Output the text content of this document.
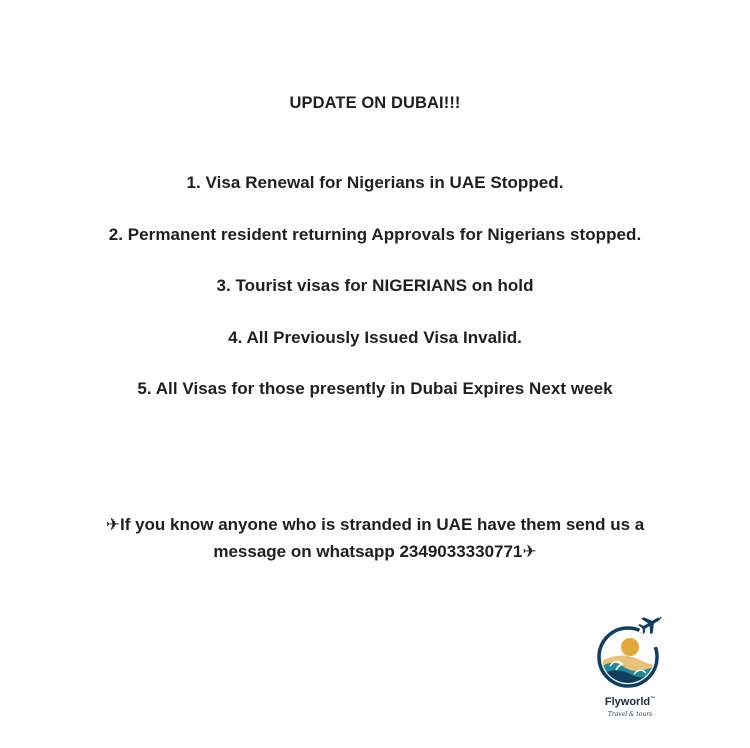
UPDATE ON DUBAI!!!
1. Visa Renewal for Nigerians in UAE Stopped.
2. Permanent resident returning Approvals for Nigerians stopped.
3. Tourist visas for NIGERIANS on hold
4. All Previously Issued Visa Invalid.
5. All Visas for those presently in Dubai Expires Next week
✈If you know anyone who is stranded in UAE have them send us a
message on whatsapp 2349033330771✈
Flyworld™
Travel & tours
